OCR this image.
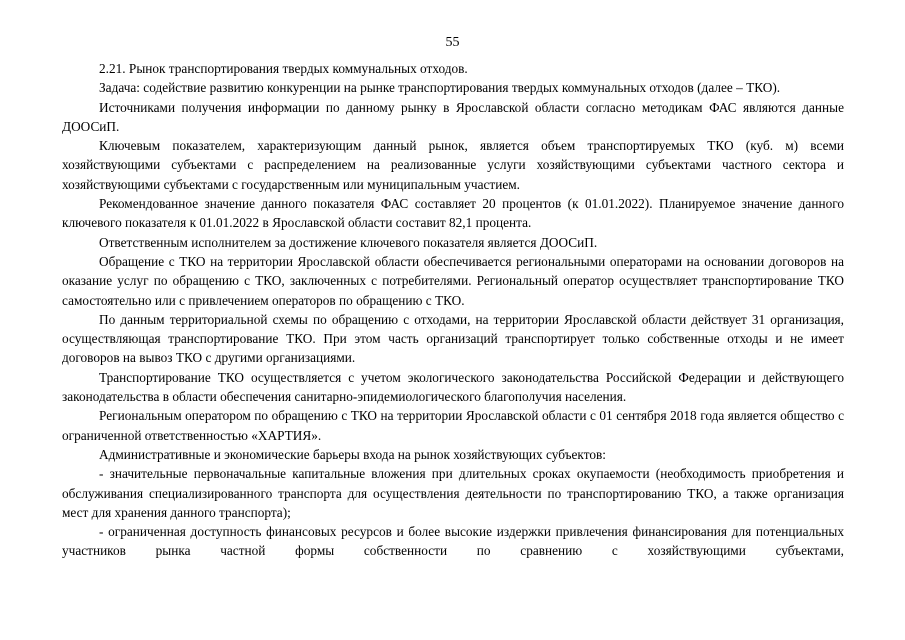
55

2.21. Рынок транспортирования твердых коммунальных отходов.

Задача: содействие развитию конкуренции на рынке транспортирования твердых коммунальных отходов (далее – ТКО).

Источниками получения информации по данному рынку в Ярославской области согласно методикам ФАС являются данные ДООСиП.

Ключевым показателем, характеризующим данный рынок, является объем транспортируемых ТКО (куб. м) всеми хозяйствующими субъектами с распределением на реализованные услуги хозяйствующими субъектами частного сектора и хозяйствующими субъектами с государственным или муниципальным участием.

Рекомендованное значение данного показателя ФАС составляет 20 процентов (к 01.01.2022). Планируемое значение данного ключевого показателя к 01.01.2022 в Ярославской области составит 82,1 процента.

Ответственным исполнителем за достижение ключевого показателя является ДООСиП.

Обращение с ТКО на территории Ярославской области обеспечивается региональными операторами на основании договоров на оказание услуг по обращению с ТКО, заключенных с потребителями. Региональный оператор осуществляет транспортирование ТКО самостоятельно или с привлечением операторов по обращению с ТКО.

По данным территориальной схемы по обращению с отходами, на территории Ярославской области действует 31 организация, осуществляющая транспортирование ТКО. При этом часть организаций транспортирует только собственные отходы и не имеет договоров на вывоз ТКО с другими организациями.

Транспортирование ТКО осуществляется с учетом экологического законодательства Российской Федерации и действующего законодательства в области обеспечения санитарно-эпидемиологического благополучия населения.

Региональным оператором по обращению с ТКО на территории Ярославской области с 01 сентября 2018 года является общество с ограниченной ответственностью «ХАРТИЯ».

Административные и экономические барьеры входа на рынок хозяйствующих субъектов:

- значительные первоначальные капитальные вложения при длительных сроках окупаемости (необходимость приобретения и обслуживания специализированного транспорта для осуществления деятельности по транспортированию ТКО, а также организация мест для хранения данного транспорта);

- ограниченная доступность финансовых ресурсов и более высокие издержки привлечения финансирования для потенциальных участников рынка частной формы собственности по сравнению с хозяйствующими субъектами,
